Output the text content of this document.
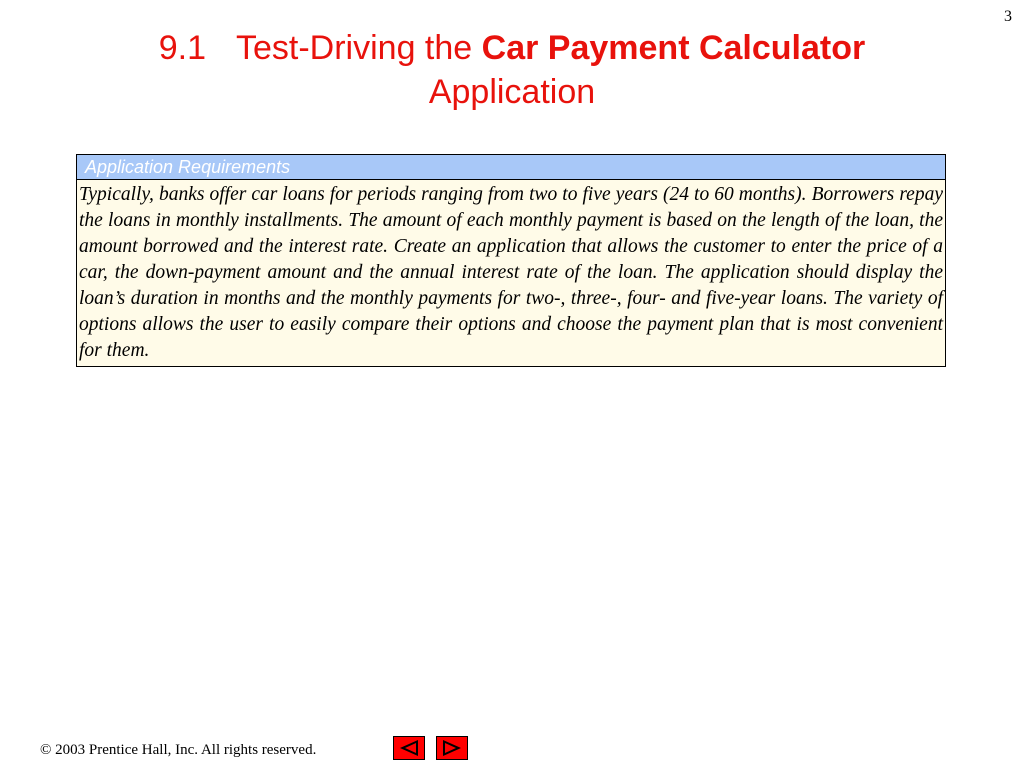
3
9.1 Test-Driving the Car Payment Calculator
Application
Application Requirements
Typically, banks offer car loans for periods ranging from two to five years (24 to 60 months). Borrowers repay the loans in monthly installments. The amount of each monthly payment is based on the length of the loan, the amount borrowed and the interest rate. Create an application that allows the customer to enter the price of a car, the down-payment amount and the annual interest rate of the loan. The application should display the loan’s duration in months and the monthly payments for two-, three-, four- and five-year loans. The variety of options allows the user to easily compare their options and choose the payment plan that is most convenient for them.
© 2003 Prentice Hall, Inc. All rights reserved.
